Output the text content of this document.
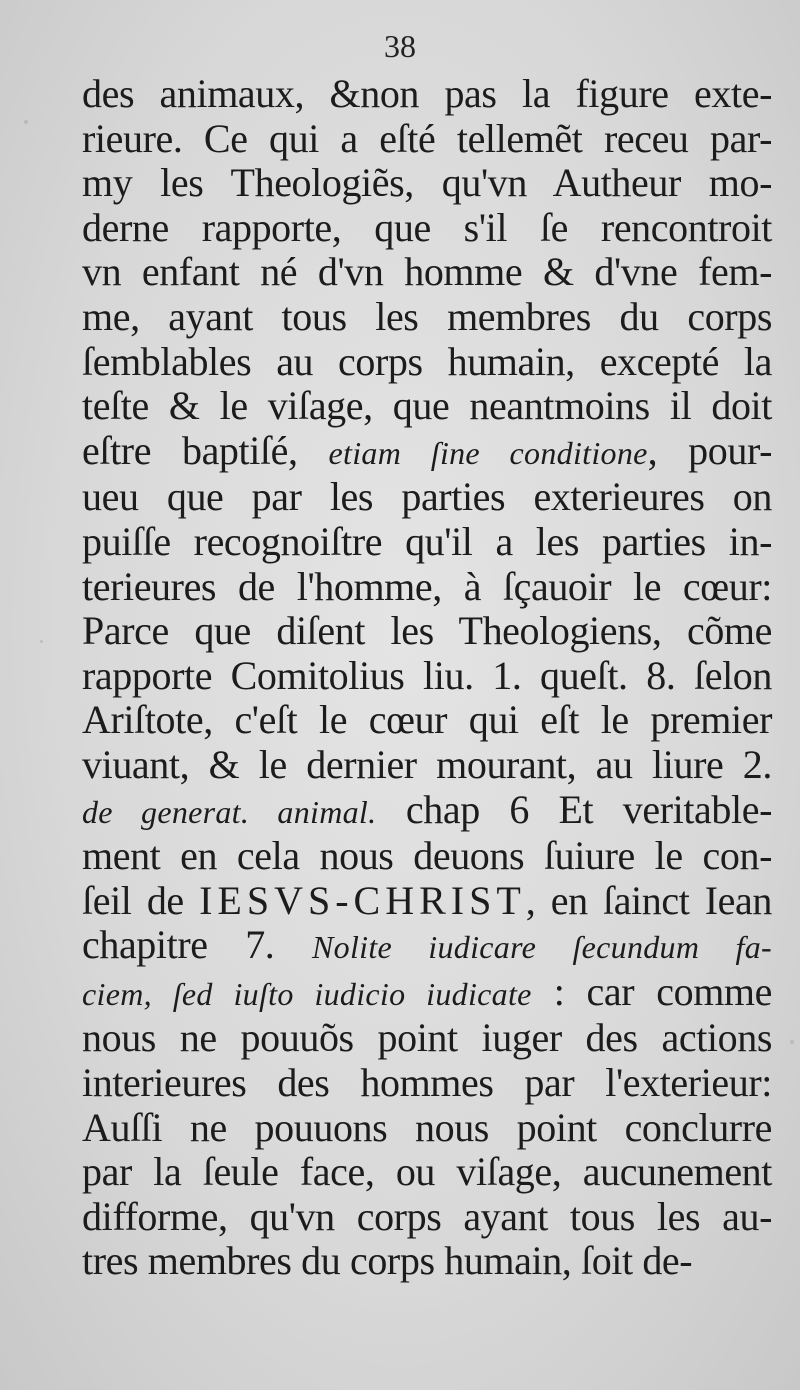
38
des animaux, &non pas la figure exte-
rieure. Ce qui a eſté tellemẽt receu par-
my les Theologiẽs, qu'vn Autheur mo-
derne rapporte, que s'il ſe rencontroit
vn enfant né d'vn homme & d'vne fem-
me, ayant tous les membres du corps
ſemblables au corps humain, excepté la
teſte & le viſage, que neantmoins il doit
eſtre baptiſé, etiam ſine conditione, pour-
ueu que par les parties exterieures on
puiſſe recognoiſtre qu'il a les parties in-
terieures de l'homme, à ſçauoir le cœur:
Parce que diſent les Theologiens, cõme
rapporte Comitolius liu. 1. queſt. 8. ſelon
Ariſtote, c'eſt le cœur qui eſt le premier
viuant, & le dernier mourant, au liure 2.
de generat. animal. chap 6 Et veritable-
ment en cela nous deuons ſuiure le con-
ſeil de IESVS-CHRIST, en ſainct Iean
chapitre 7. Nolite iudicare ſecundum fa-
ciem, ſed iuſto iudicio iudicate : car comme
nous ne pouuõs point iuger des actions
interieures des hommes par l'exterieur:
Auſſi ne pouuons nous point conclurre
par la ſeule face, ou viſage, aucunement
difforme, qu'vn corps ayant tous les au-
tres membres du corps humain, ſoit de-
